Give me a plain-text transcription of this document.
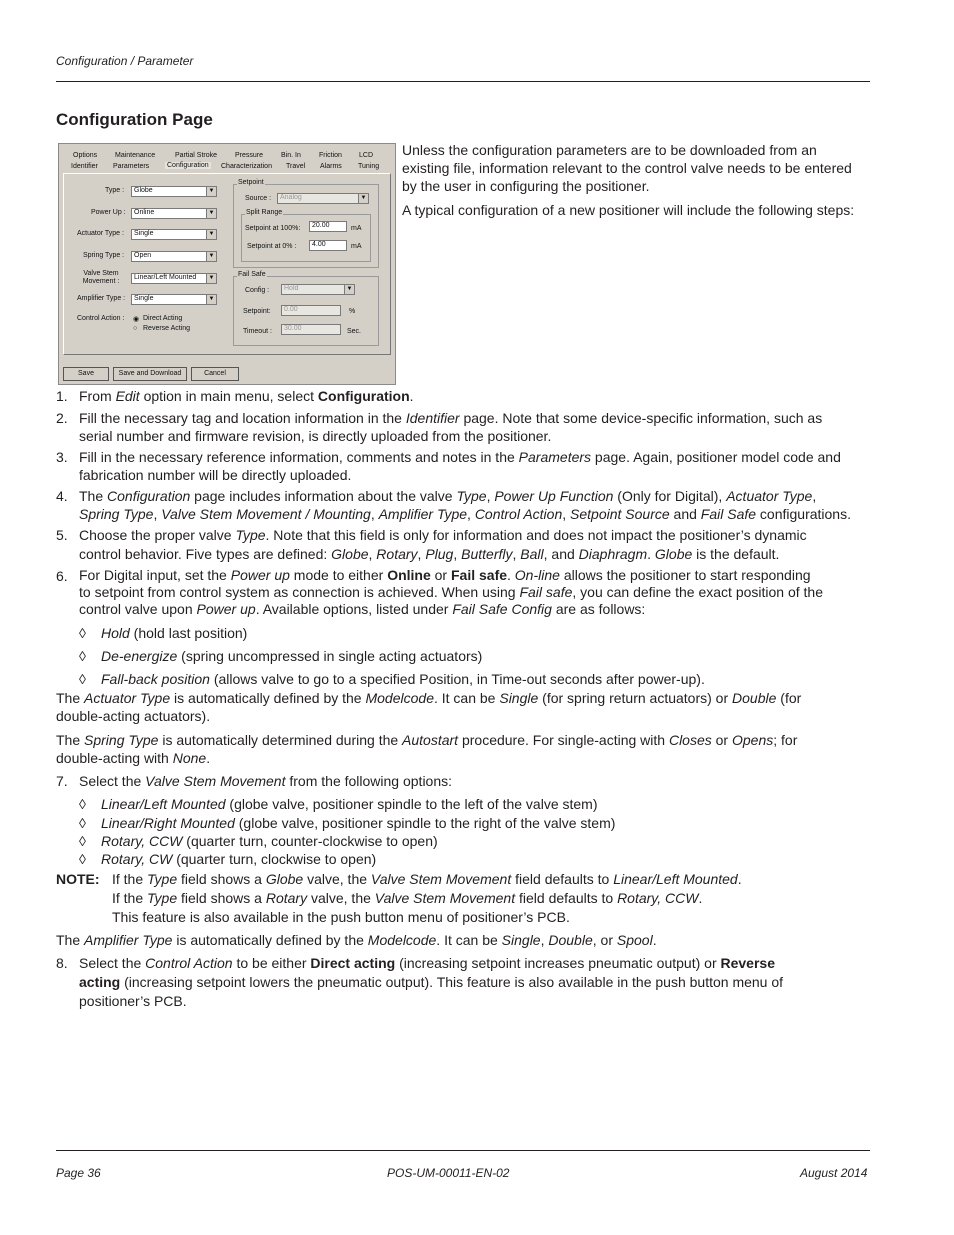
Configuration / Parameter
Configuration Page
Options	Maintenance	Partial Stroke	Pressure	Bin. In	Friction LCD
Identifier Parameters	Configuration Characterization Travel Alarms Tuning
Type : Globe	▼
Power Up : Online	▼
Actuator Type : Single	▼
Spring Type : Open	▼
Valve Stem Movement :
Linear/Left Mounted	▼
Amplifier Type : Single	▼
Control Action : ◉ Direct Acting
○ Reverse Acting
Setpoint
Source : Analog	▼
Split Range
Setpoint at 100%: 20.00	mA
Setpoint at 0% : 4.00	mA
Fail Safe
Config : Hold	▼
Setpoint: 0.00	%
Timeout : 30.00	Sec.
Save	Save and Download	Cancel
Unless the configuration parameters are to be downloaded from an existing file, information relevant to the control valve needs to be entered by the user in configuring the positioner.
A typical configuration of a new positioner will include the following steps:
1. From Edit option in main menu, select Configuration.
2. Fill the necessary tag and location information in the Identifier page. Note that some device-specific information, such as
serial number and firmware revision, is directly uploaded from the positioner.
3. Fill in the necessary reference information, comments and notes in the Parameters page. Again, positioner model code and
fabrication number will be directly uploaded.
4. The Configuration page includes information about the valve Type, Power Up Function (Only for Digital), Actuator Type,
Spring Type, Valve Stem Movement / Mounting, Amplifier Type, Control Action, Setpoint Source and Fail Safe configurations.
5. Choose the proper valve Type. Note that this field is only for information and does not impact the positioner’s dynamic
control behavior. Five types are defined: Globe, Rotary, Plug, Butterfly, Ball, and Diaphragm. Globe is the default.
6. For Digital input, set the Power up mode to either Online or Fail safe. On-line allows the positioner to start responding
to setpoint from control system as connection is achieved. When using Fail safe, you can define the exact position of the
control valve upon Power up. Available options, listed under Fail Safe Config are as follows:
◊ Hold (hold last position)
◊ De-energize (spring uncompressed in single acting actuators)
◊ Fall-back position (allows valve to go to a specified Position, in Time-out seconds after power-up).
The Actuator Type is automatically defined by the Modelcode. It can be Single (for spring return actuators) or Double (for
double-acting actuators).
The Spring Type is automatically determined during the Autostart procedure. For single-acting with Closes or Opens; for
double-acting with None.
7. Select the Valve Stem Movement from the following options:
◊ Linear/Left Mounted (globe valve, positioner spindle to the left of the valve stem)
◊ Linear/Right Mounted (globe valve, positioner spindle to the right of the valve stem)
◊ Rotary, CCW (quarter turn, counter-clockwise to open)
◊ Rotary, CW (quarter turn, clockwise to open)
NOTE: If the Type field shows a Globe valve, the Valve Stem Movement field defaults to Linear/Left Mounted.
If the Type field shows a Rotary valve, the Valve Stem Movement field defaults to Rotary, CCW.
This feature is also available in the push button menu of positioner’s PCB.
The Amplifier Type is automatically defined by the Modelcode. It can be Single, Double, or Spool.
8. Select the Control Action to be either Direct acting (increasing setpoint increases pneumatic output) or Reverse
acting (increasing setpoint lowers the pneumatic output). This feature is also available in the push button menu of
positioner’s PCB.
Page 36	POS-UM-00011-EN-02	August 2014
